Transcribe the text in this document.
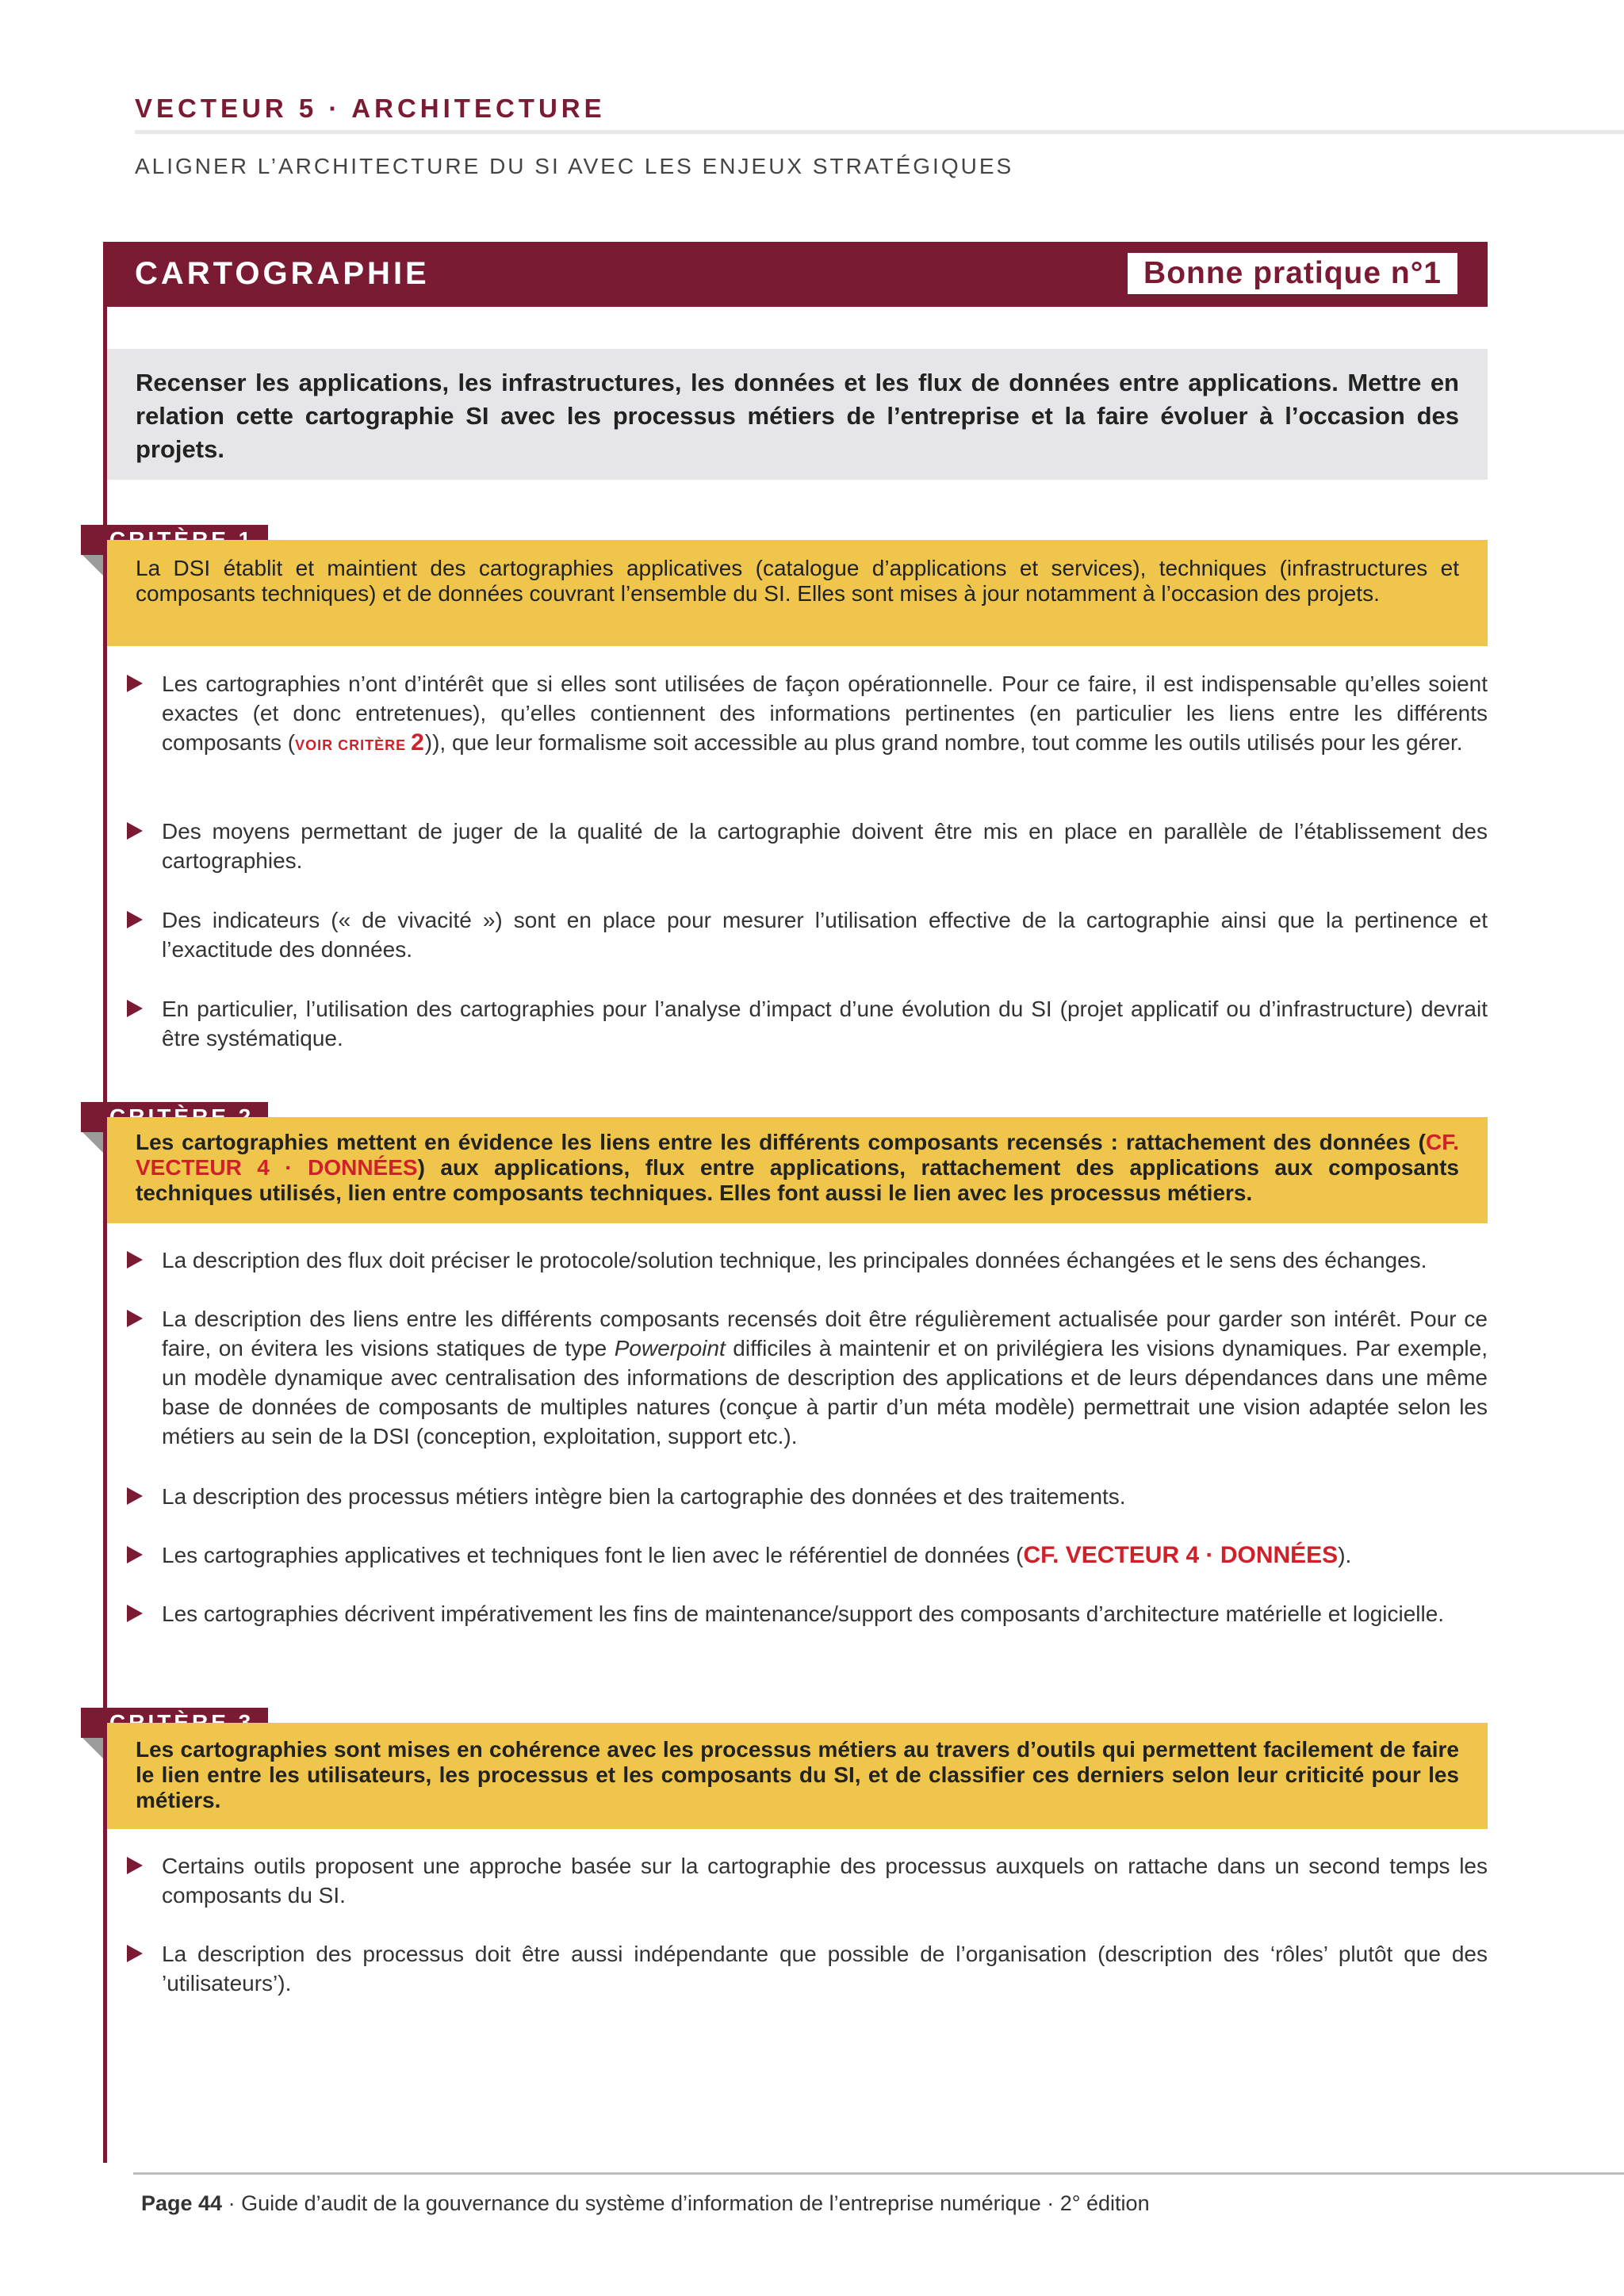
VECTEUR 5 · ARCHITECTURE
ALIGNER L’ARCHITECTURE DU SI AVEC LES ENJEUX STRATÉGIQUES
CARTOGRAPHIE	Bonne pratique n°1
Recenser les applications, les infrastructures, les données et les flux de données entre applications. Mettre en relation cette cartographie SI avec les processus métiers de l’entreprise et la faire évoluer à l’occasion des projets.
La DSI établit et maintient des cartographies applicatives (catalogue d’applications et services), techniques (infrastructures et composants techniques) et de données couvrant l’ensemble du SI. Elles sont mises à jour notamment à l’occasion des projets.
Les cartographies n’ont d’intérêt que si elles sont utilisées de façon opérationnelle. Pour ce faire, il est indispensable qu’elles soient exactes (et donc entretenues), qu’elles contiennent des informations pertinentes (en particulier les liens entre les différents composants (VOIR CRITÈRE 2)), que leur formalisme soit accessible au plus grand nombre, tout comme les outils utilisés pour les gérer.
Des moyens permettant de juger de la qualité de la cartographie doivent être mis en place en parallèle de l’établissement des cartographies.
Des indicateurs (« de vivacité ») sont en place pour mesurer l’utilisation effective de la cartographie ainsi que la pertinence et l’exactitude des données.
En particulier, l’utilisation des cartographies pour l’analyse d’impact d’une évolution du SI (projet applicatif ou d’infrastructure) devrait être systématique.
Les cartographies mettent en évidence les liens entre les différents composants recensés : rattachement des données (CF. VECTEUR 4 · DONNÉES) aux applications, flux entre applications, rattachement des applications aux composants techniques utilisés, lien entre composants techniques. Elles font aussi le lien avec les processus métiers.
La description des flux doit préciser le protocole/solution technique, les principales données échangées et le sens des échanges.
La description des liens entre les différents composants recensés doit être régulièrement actualisée pour garder son intérêt. Pour ce faire, on évitera les visions statiques de type Powerpoint difficiles à maintenir et on privilégiera les visions dynamiques. Par exemple, un modèle dynamique avec centralisation des informations de description des applications et de leurs dépendances dans une même base de données de composants de multiples natures (conçue à partir d’un méta modèle) permettrait une vision adaptée selon les métiers au sein de la DSI (conception, exploitation, support etc.).
La description des processus métiers intègre bien la cartographie des données et des traitements.
Les cartographies applicatives et techniques font le lien avec le référentiel de données (CF. VECTEUR 4 · DONNÉES).
Les cartographies décrivent impérativement les fins de maintenance/support des composants d’architecture matérielle et logicielle.
Les cartographies sont mises en cohérence avec les processus métiers au travers d’outils qui permettent facilement de faire le lien entre les utilisateurs, les processus et les composants du SI, et de classifier ces derniers selon leur criticité pour les métiers.
Certains outils proposent une approche basée sur la cartographie des processus auxquels on rattache dans un second temps les composants du SI.
La description des processus doit être aussi indépendante que possible de l’organisation (description des ‘rôles’ plutôt que des ’utilisateurs’).
Page 44 · Guide d’audit de la gouvernance du système d’information de l’entreprise numérique · 2° édition
